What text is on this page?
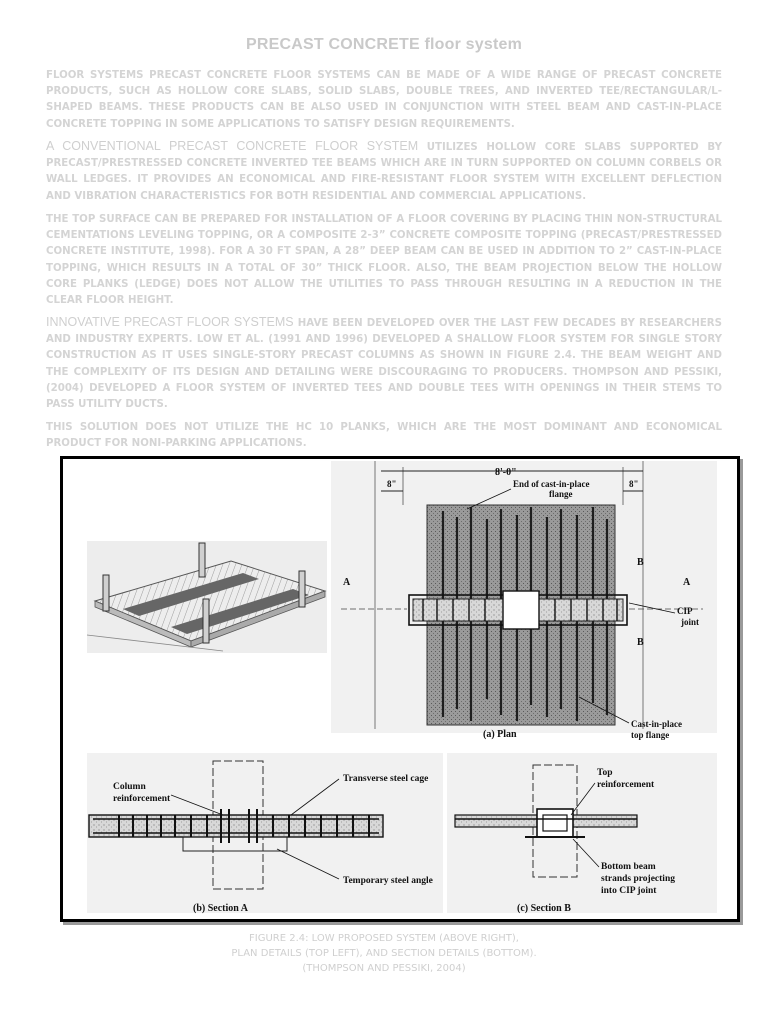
PRECAST CONCRETE floor system

FLOOR SYSTEMS PRECAST CONCRETE FLOOR SYSTEMS CAN BE MADE OF A WIDE RANGE OF PRECAST CONCRETE PRODUCTS, SUCH AS HOLLOW CORE SLABS, SOLID SLABS, DOUBLE TREES, AND INVERTED TEE/RECTANGULAR/L-SHAPED BEAMS. THESE PRODUCTS CAN BE ALSO USED IN CONJUNCTION WITH STEEL BEAM AND CAST-IN-PLACE CONCRETE TOPPING IN SOME APPLICATIONS TO SATISFY DESIGN REQUIREMENTS.

A CONVENTIONAL PRECAST CONCRETE FLOOR SYSTEM UTILIZES HOLLOW CORE SLABS SUPPORTED BY PRECAST/PRESTRESSED CONCRETE INVERTED TEE BEAMS WHICH ARE IN TURN SUPPORTED ON COLUMN CORBELS OR WALL LEDGES. IT PROVIDES AN ECONOMICAL AND FIRE-RESISTANT FLOOR SYSTEM WITH EXCELLENT DEFLECTION AND VIBRATION CHARACTERISTICS FOR BOTH RESIDENTIAL AND COMMERCIAL APPLICATIONS.

THE TOP SURFACE CAN BE PREPARED FOR INSTALLATION OF A FLOOR COVERING BY PLACING THIN NON-STRUCTURAL CEMENTATIONS LEVELING TOPPING, OR A COMPOSITE 2-3” CONCRETE COMPOSITE TOPPING (PRECAST/PRESTRESSED CONCRETE INSTITUTE, 1998). FOR A 30 FT SPAN, A 28” DEEP BEAM CAN BE USED IN ADDITION TO 2” CAST-IN-PLACE TOPPING, WHICH RESULTS IN A TOTAL OF 30” THICK FLOOR. ALSO, THE BEAM PROJECTION BELOW THE HOLLOW CORE PLANKS (LEDGE) DOES NOT ALLOW THE UTILITIES TO PASS THROUGH RESULTING IN A REDUCTION IN THE CLEAR FLOOR HEIGHT.

INNOVATIVE PRECAST FLOOR SYSTEMS HAVE BEEN DEVELOPED OVER THE LAST FEW DECADES BY RESEARCHERS AND INDUSTRY EXPERTS. LOW ET AL. (1991 AND 1996) DEVELOPED A SHALLOW FLOOR SYSTEM FOR SINGLE STORY CONSTRUCTION AS IT USES SINGLE-STORY PRECAST COLUMNS AS SHOWN IN FIGURE 2.4. THE BEAM WEIGHT AND THE COMPLEXITY OF ITS DESIGN AND DETAILING WERE DISCOURAGING TO PRODUCERS. THOMPSON AND PESSIKI, (2004) DEVELOPED A FLOOR SYSTEM OF INVERTED TEES AND DOUBLE TEES WITH OPENINGS IN THEIR STEMS TO PASS UTILITY DUCTS.

THIS SOLUTION DOES NOT UTILIZE THE HC 10 PLANKS, WHICH ARE THE MOST DOMINANT AND ECONOMICAL PRODUCT FOR NONI-PARKING APPLICATIONS.

8'-0"
8"	8"
A	A
B
B
End of cast-in-place
flange
CIP
joint
Cast-in-place
top flange
(a) Plan
Column
reinforcement
Transverse steel cage
Temporary steel angle
(b) Section A
Top
reinforcement
Bottom beam
strands projecting
into CIP joint
(c) Section B

FIGURE 2.4: LOW PROPOSED SYSTEM (ABOVE RIGHT),

PLAN DETAILS (TOP LEFT), AND SECTION DETAILS (BOTTOM).

(THOMPSON AND PESSIKI, 2004)
